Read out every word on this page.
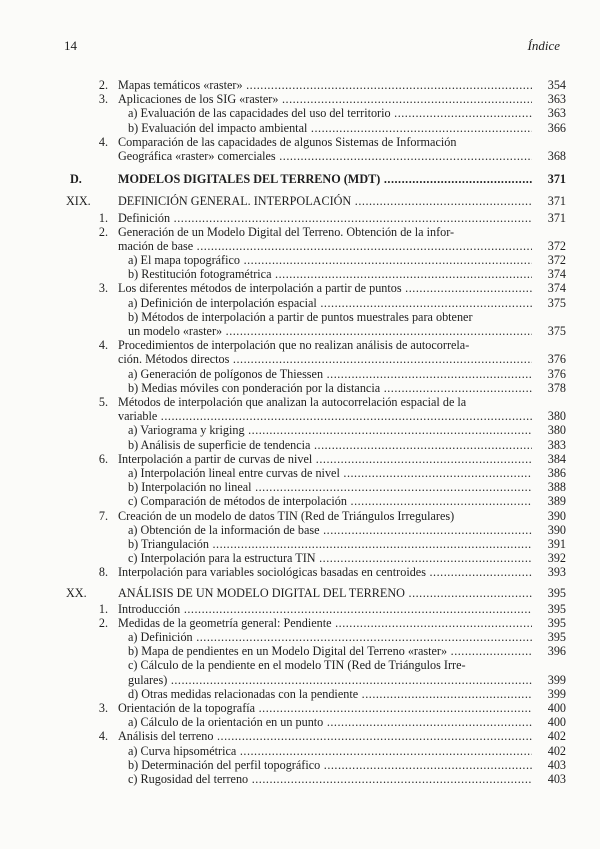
14	Índice
2. Mapas temáticos «raster» .....	354
3. Aplicaciones de los SIG «raster» .....	363
a) Evaluación de las capacidades del uso del territorio .....	363
b) Evaluación del impacto ambiental .....	366
4. Comparación de las capacidades de algunos Sistemas de Información
Geográfica «raster» comerciales .....	368
D.	MODELOS DIGITALES DEL TERRENO (MDT) .....	371
XIX.	DEFINICIÓN GENERAL. INTERPOLACIÓN .....	371
1. Definición .....	371
2. Generación de un Modelo Digital del Terreno. Obtención de la infor-
mación de base .....	372
a) El mapa topográfico .....	372
b) Restitución fotogramétrica .....	374
3. Los diferentes métodos de interpolación a partir de puntos .....	374
a) Definición de interpolación espacial .....	375
b) Métodos de interpolación a partir de puntos muestrales para obtener
un modelo «raster» .....	375
4. Procedimientos de interpolación que no realizan análisis de autocorrela-
ción. Métodos directos .....	376
a) Generación de polígonos de Thiessen .....	376
b) Medias móviles con ponderación por la distancia .....	378
5. Métodos de interpolación que analizan la autocorrelación espacial de la
variable .....	380
a) Variograma y kriging .....	380
b) Análisis de superficie de tendencia .....	383
6. Interpolación a partir de curvas de nivel .....	384
a) Interpolación lineal entre curvas de nivel .....	386
b) Interpolación no lineal .....	388
c) Comparación de métodos de interpolación .....	389
7. Creación de un modelo de datos TIN (Red de Triángulos Irregulares)	390
a) Obtención de la información de base .....	390
b) Triangulación .....	391
c) Interpolación para la estructura TIN .....	392
8. Interpolación para variables sociológicas basadas en centroides .....	393
XX.	ANÁLISIS DE UN MODELO DIGITAL DEL TERRENO .....	395
1. Introducción .....	395
2. Medidas de la geometría general: Pendiente .....	395
a) Definición .....	395
b) Mapa de pendientes en un Modelo Digital del Terreno «raster» .....	396
c) Cálculo de la pendiente en el modelo TIN (Red de Triángulos Irre-
gulares) .....	399
d) Otras medidas relacionadas con la pendiente .....	399
3. Orientación de la topografía .....	400
a) Cálculo de la orientación en un punto .....	400
4. Análisis del terreno .....	402
a) Curva hipsométrica .....	402
b) Determinación del perfil topográfico .....	403
c) Rugosidad del terreno .....	403
